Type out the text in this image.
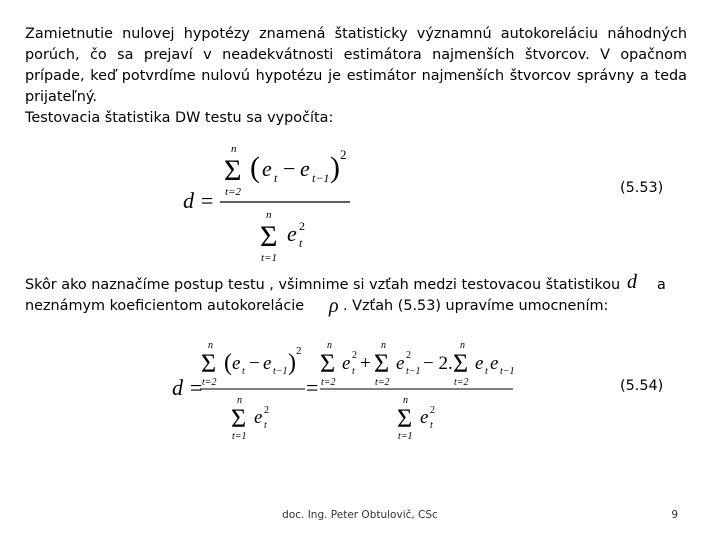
Zamietnutie nulovej hypotézy znamená štatisticky významnú autokoreláciu náhodných
porúch, čo sa prejaví v neadekvátnosti estimátora najmenších štvorcov. V opačnom
prípade, keď potvrdíme nulovú hypotézu je estimátor najmenších štvorcov správny a teda
prijateľný.
Testovacia štatistika DW testu sa vypočíta:
d =
n
Σ
t=2
( e t − e t−1 ) 2
n
Σ
t=1
e 2
t
(5.53)
Skôr ako naznačíme postup testu , všimnime si vzťah medzi testovacou štatistikou d a
neznámym koeficientom autokorelácie ρ . Vzťah (5.53) upravíme umocnením:
d =
n
Σ
t=2
( e t − e t−1 ) 2
n
Σ
t=1
e 2
t
=
n
Σ
t=2
e 2
t +
n
Σ
t=2
e 2
t−1 − 2.
n
Σ
t=2
e t e t−1
n
Σ
t=1
e 2
t
(5.54)
doc. Ing. Peter Obtulovič, CSc	9
